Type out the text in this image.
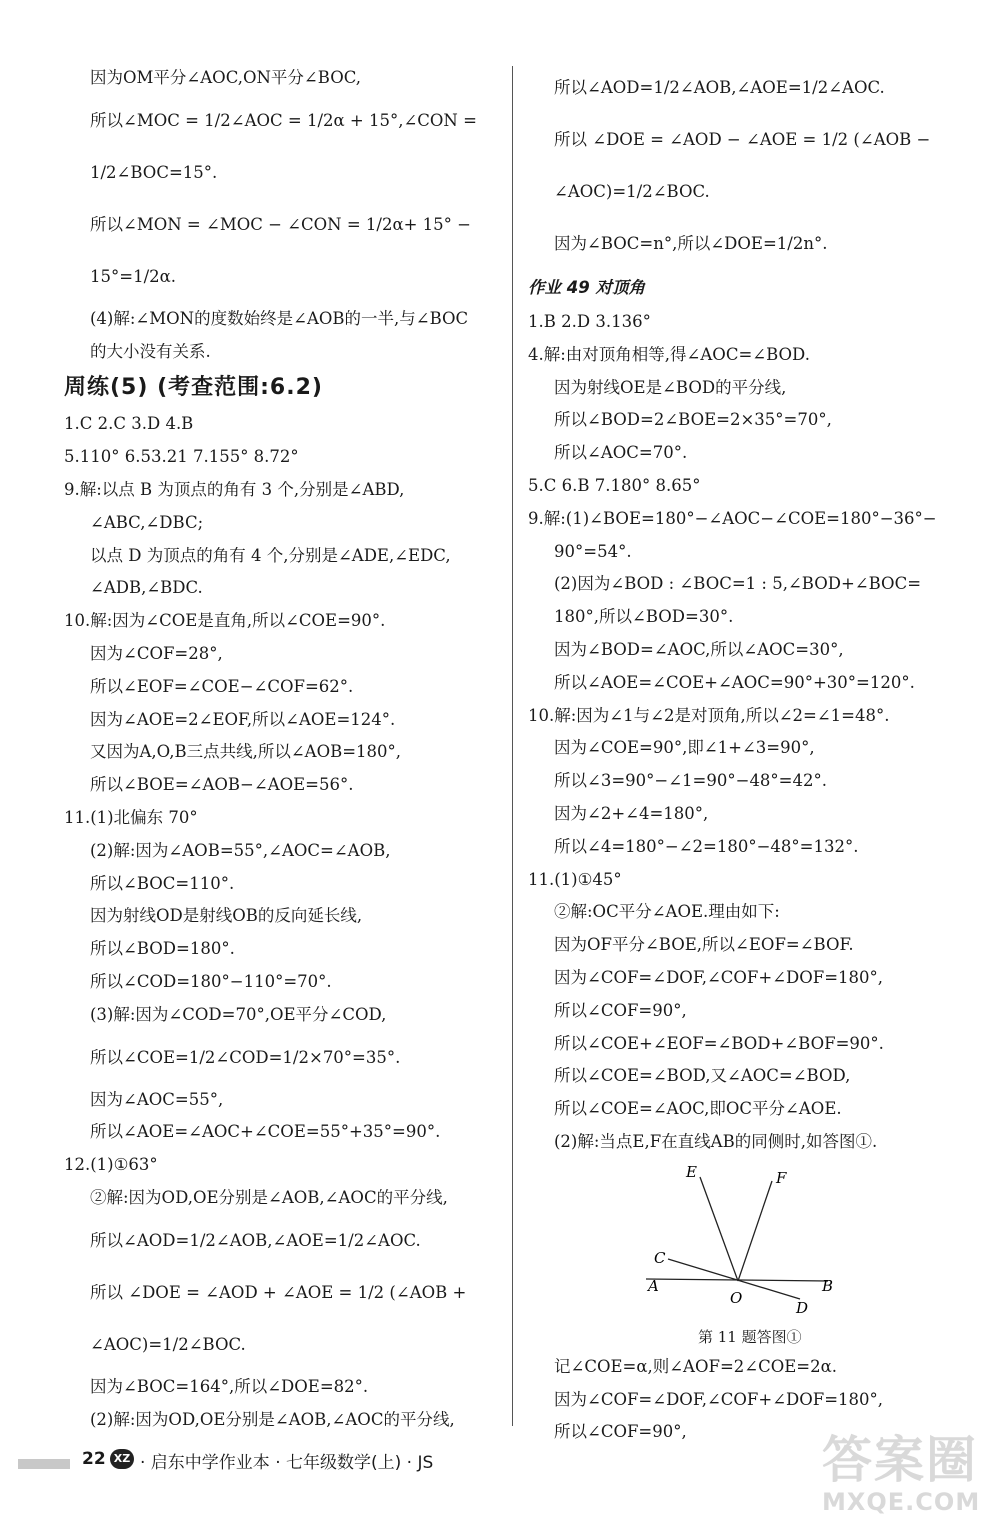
因为OM平分∠AOC,ON平分∠BOC,
所以∠MOC = 1/2∠AOC = 1/2α + 15°,∠CON =
1/2∠BOC=15°.
所以∠MON = ∠MOC − ∠CON = 1/2α+ 15° −
15°=1/2α.
(4)解:∠MON的度数始终是∠AOB的一半,与∠BOC
的大小没有关系.
周练(5) (考查范围:6.2)
1.C 2.C 3.D 4.B
5.110° 6.53.21 7.155° 8.72°
9.解:以点 B 为顶点的角有 3 个,分别是∠ABD,
∠ABC,∠DBC;
以点 D 为顶点的角有 4 个,分别是∠ADE,∠EDC,
∠ADB,∠BDC.
10.解:因为∠COE是直角,所以∠COE=90°.
因为∠COF=28°,
所以∠EOF=∠COE−∠COF=62°.
因为∠AOE=2∠EOF,所以∠AOE=124°.
又因为A,O,B三点共线,所以∠AOB=180°,
所以∠BOE=∠AOB−∠AOE=56°.
11.(1)北偏东 70°
(2)解:因为∠AOB=55°,∠AOC=∠AOB,
所以∠BOC=110°.
因为射线OD是射线OB的反向延长线,
所以∠BOD=180°.
所以∠COD=180°−110°=70°.
(3)解:因为∠COD=70°,OE平分∠COD,
所以∠COE=1/2∠COD=1/2×70°=35°.
因为∠AOC=55°,
所以∠AOE=∠AOC+∠COE=55°+35°=90°.
12.(1)①63°
②解:因为OD,OE分别是∠AOB,∠AOC的平分线,
所以∠AOD=1/2∠AOB,∠AOE=1/2∠AOC.
所以 ∠DOE = ∠AOD + ∠AOE = 1/2 (∠AOB +
∠AOC)=1/2∠BOC.
因为∠BOC=164°,所以∠DOE=82°.
(2)解:因为OD,OE分别是∠AOB,∠AOC的平分线,
所以∠AOD=1/2∠AOB,∠AOE=1/2∠AOC.
所以 ∠DOE = ∠AOD − ∠AOE = 1/2 (∠AOB −
∠AOC)=1/2∠BOC.
因为∠BOC=n°,所以∠DOE=1/2n°.
作业 49 对顶角
1.B 2.D 3.136°
4.解:由对顶角相等,得∠AOC=∠BOD.
因为射线OE是∠BOD的平分线,
所以∠BOD=2∠BOE=2×35°=70°,
所以∠AOC=70°.
5.C 6.B 7.180° 8.65°
9.解:(1)∠BOE=180°−∠AOC−∠COE=180°−36°−
90°=54°.
(2)因为∠BOD : ∠BOC=1 : 5,∠BOD+∠BOC=
180°,所以∠BOD=30°.
因为∠BOD=∠AOC,所以∠AOC=30°,
所以∠AOE=∠COE+∠AOC=90°+30°=120°.
10.解:因为∠1与∠2是对顶角,所以∠2=∠1=48°.
因为∠COE=90°,即∠1+∠3=90°,
所以∠3=90°−∠1=90°−48°=42°.
因为∠2+∠4=180°,
所以∠4=180°−∠2=180°−48°=132°.
11.(1)①45°
②解:OC平分∠AOE.理由如下:
因为OF平分∠BOE,所以∠EOF=∠BOF.
因为∠COF=∠DOF,∠COF+∠DOF=180°,
所以∠COF=90°,
所以∠COE+∠EOF=∠BOD+∠BOF=90°.
所以∠COE=∠BOD,又∠AOC=∠BOD,
所以∠COE=∠AOC,即OC平分∠AOE.
(2)解:当点E,F在直线AB的同侧时,如答图①.
E	F
C
A
O
B
D
第 11 题答图①
记∠COE=α,则∠AOF=2∠COE=2α.
因为∠COF=∠DOF,∠COF+∠DOF=180°,
所以∠COF=90°,
22 XZ · 启东中学作业本 · 七年级数学(上) · JS	答案圈
MXQE.COM
